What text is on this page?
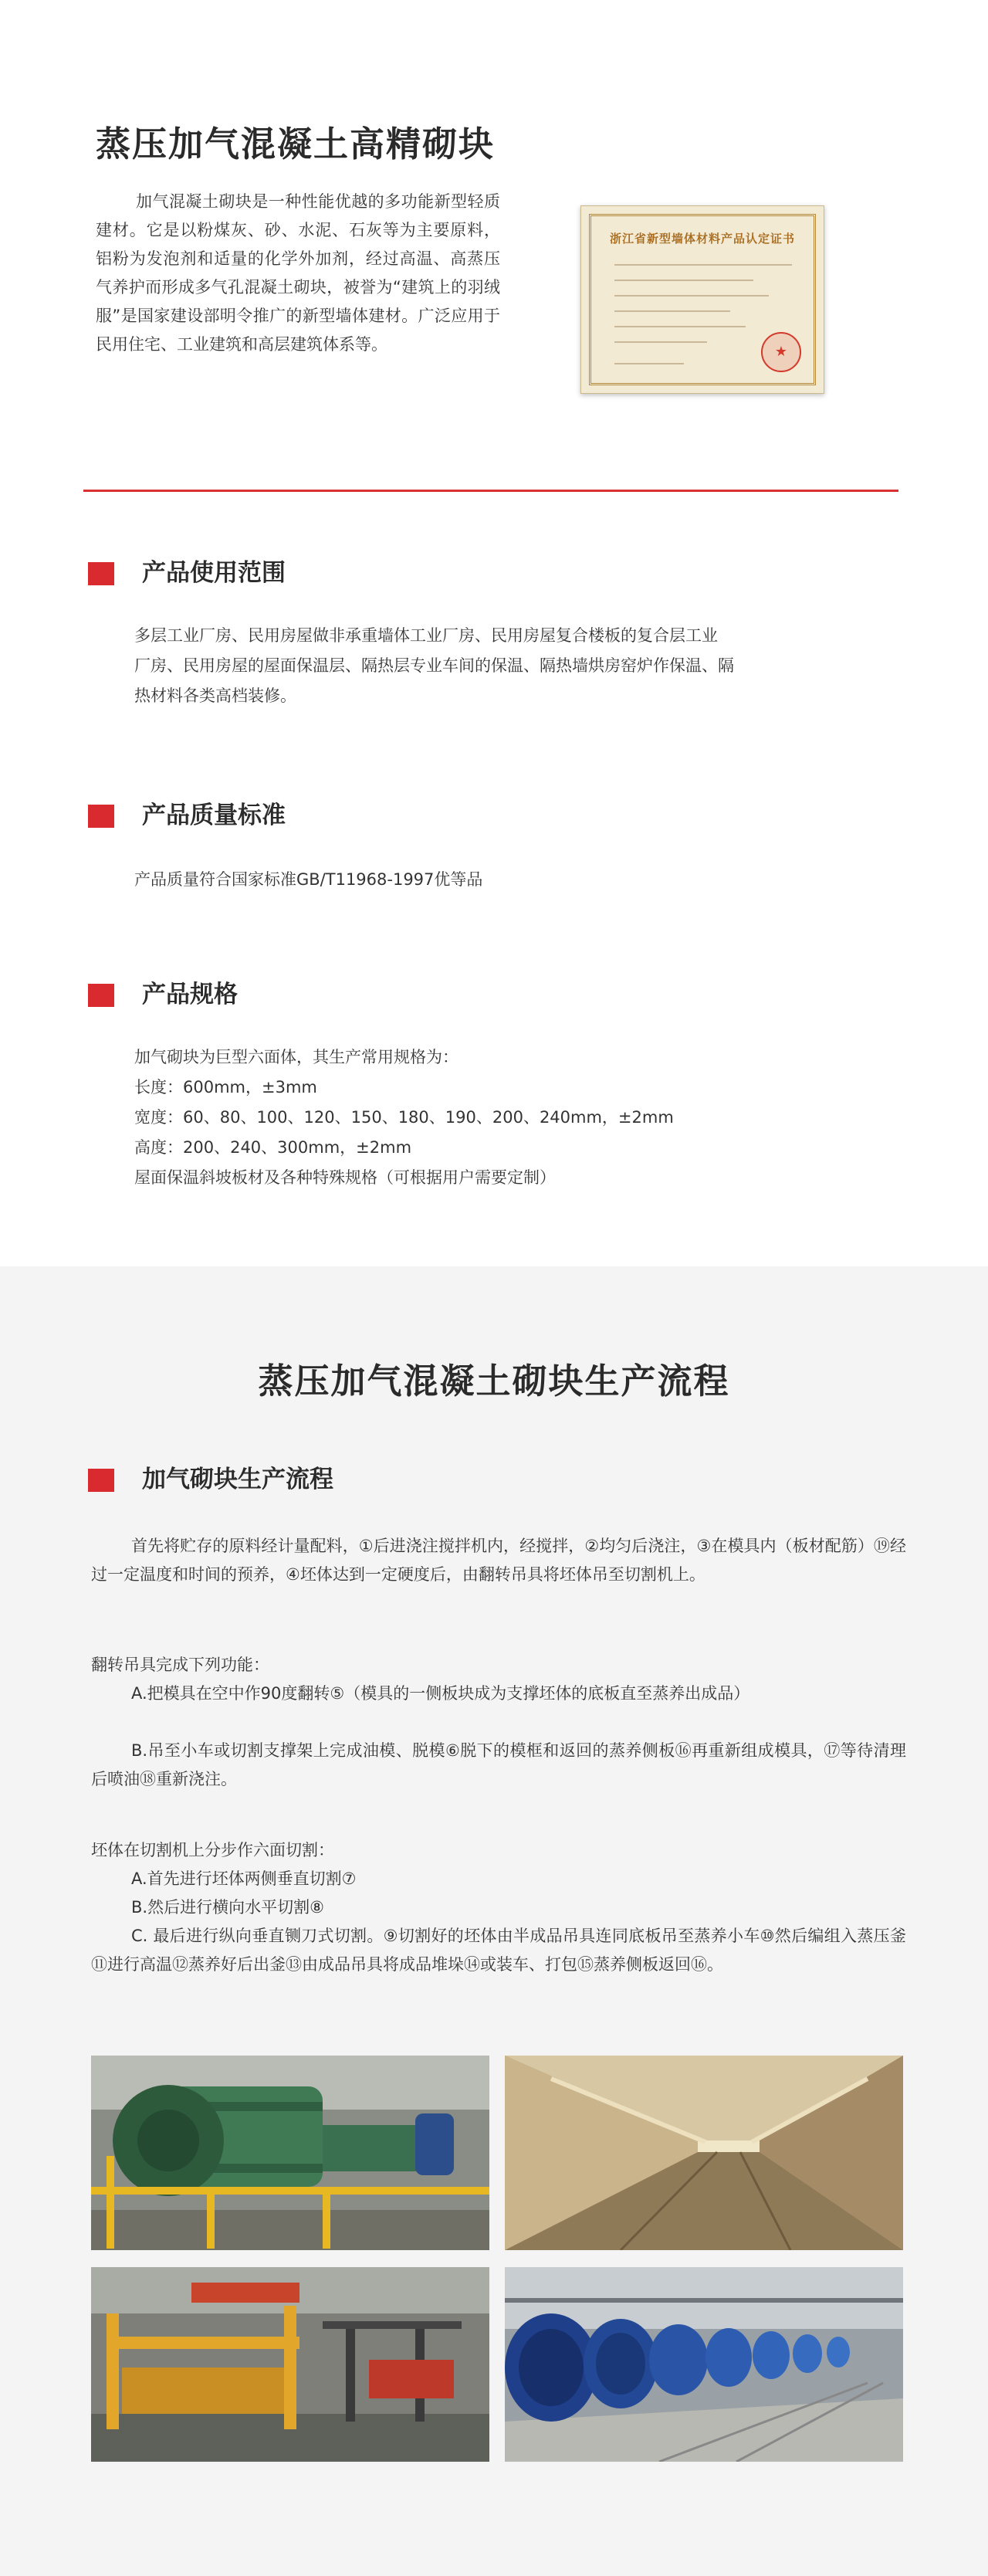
蒸压加气混凝土高精砌块

加气混凝土砌块是一种性能优越的多功能新型轻质建材。它是以粉煤灰、砂、水泥、石灰等为主要原料，铝粉为发泡剂和适量的化学外加剂，经过高温、高蒸压气养护而形成多气孔混凝土砌块，被誉为“建筑上的羽绒服”是国家建设部明令推广的新型墙体建材。广泛应用于民用住宅、工业建筑和高层建筑体系等。

浙江省新型墙体材料产品认定证书
★
产品使用范围

多层工业厂房、民用房屋做非承重墙体工业厂房、民用房屋复合楼板的复合层工业
厂房、民用房屋的屋面保温层、隔热层专业车间的保温、隔热墙烘房窑炉作保温、隔
热材料各类高档装修。

产品质量标准

产品质量符合国家标准GB/T11968-1997优等品

产品规格

加气砌块为巨型六面体，其生产常用规格为：
长度：600mm，±3mm
宽度：60、80、100、120、150、180、190、200、240mm，±2mm
高度：200、240、300mm，±2mm
屋面保温斜坡板材及各种特殊规格（可根据用户需要定制）

蒸压加气混凝土砌块生产流程
加气砌块生产流程

首先将贮存的原料经计量配料，①后进浇注搅拌机内，经搅拌，②均匀后浇注，③在模具内（板材配筋）⑲经过一定温度和时间的预养，④坯体达到一定硬度后，由翻转吊具将坯体吊至切割机上。

翻转吊具完成下列功能：

A.把模具在空中作90度翻转⑤（模具的一侧板块成为支撑坯体的底板直至蒸养出成品）

B.吊至小车或切割支撑架上完成油模、脱模⑥脱下的模框和返回的蒸养侧板⑯再重新组成模具，⑰等待清理后喷油⑱重新浇注。

坯体在切割机上分步作六面切割：

A.首先进行坯体两侧垂直切割⑦

B.然后进行横向水平切割⑧

C. 最后进行纵向垂直铡刀式切割。⑨切割好的坯体由半成品吊具连同底板吊至蒸养小车⑩然后编组入蒸压釜⑪进行高温⑫蒸养好后出釜⑬由成品吊具将成品堆垛⑭或装车、打包⑮蒸养侧板返回⑯。
